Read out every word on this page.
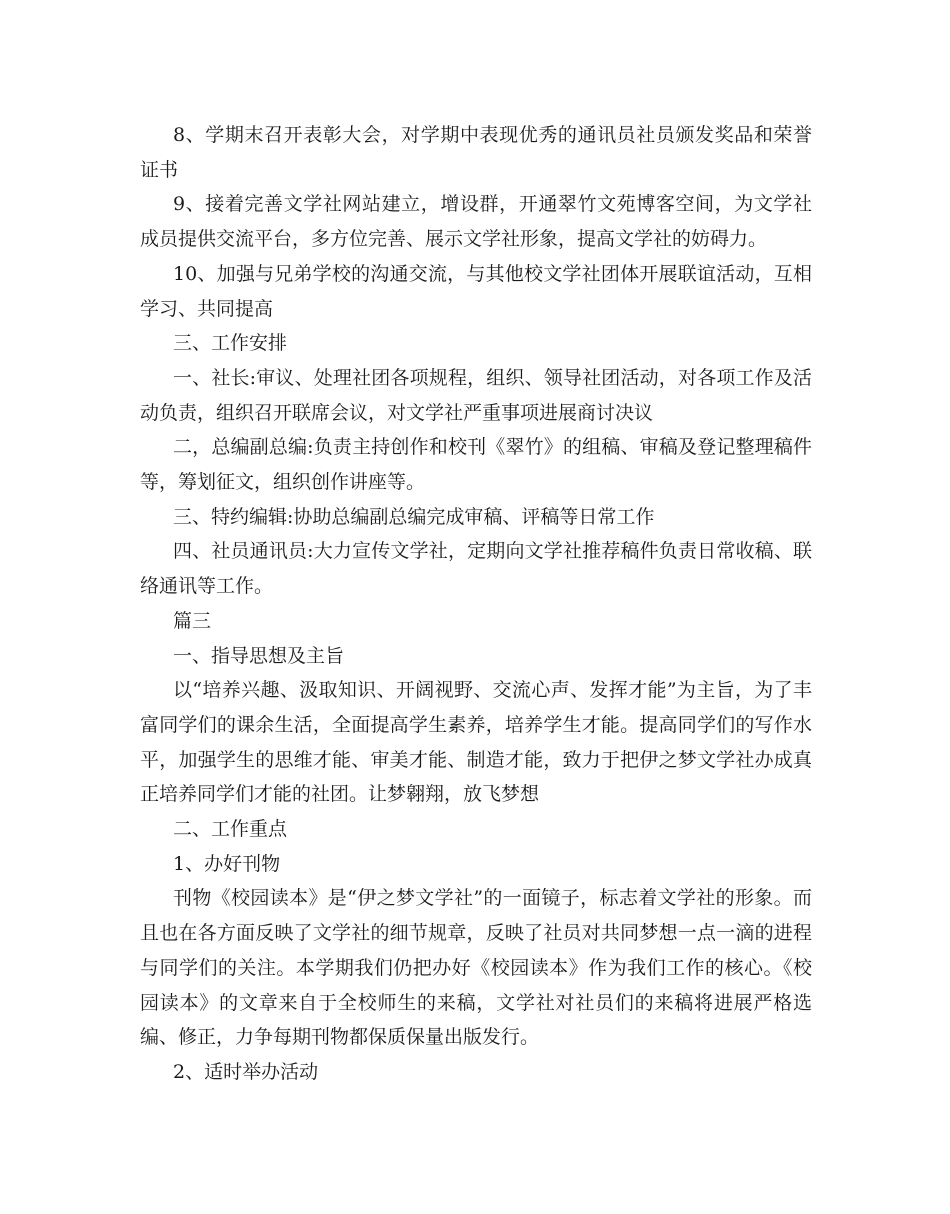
8、学期末召开表彰大会，对学期中表现优秀的通讯员社员颁发奖品和荣誉证书

9、接着完善文学社网站建立，增设群，开通翠竹文苑博客空间，为文学社成员提供交流平台，多方位完善、展示文学社形象，提高文学社的妨碍力。

10、加强与兄弟学校的沟通交流，与其他校文学社团体开展联谊活动，互相学习、共同提高

三、工作安排

一、社长:审议、处理社团各项规程，组织、领导社团活动，对各项工作及活动负责，组织召开联席会议，对文学社严重事项进展商讨决议

二，总编副总编:负责主持创作和校刊《翠竹》的组稿、审稿及登记整理稿件等，筹划征文，组织创作讲座等。

三、特约编辑:协助总编副总编完成审稿、评稿等日常工作

四、社员通讯员:大力宣传文学社，定期向文学社推荐稿件负责日常收稿、联络通讯等工作。

篇三

一、指导思想及主旨

以“培养兴趣、汲取知识、开阔视野、交流心声、发挥才能”为主旨，为了丰富同学们的课余生活，全面提高学生素养，培养学生才能。提高同学们的写作水平，加强学生的思维才能、审美才能、制造才能，致力于把伊之梦文学社办成真正培养同学们才能的社团。让梦翱翔，放飞梦想

二、工作重点

1、办好刊物

刊物《校园读本》是“伊之梦文学社”的一面镜子，标志着文学社的形象。而且也在各方面反映了文学社的细节规章，反映了社员对共同梦想一点一滴的进程与同学们的关注。本学期我们仍把办好《校园读本》作为我们工作的核心。《校园读本》的文章来自于全校师生的来稿，文学社对社员们的来稿将进展严格选编、修正，力争每期刊物都保质保量出版发行。

2、适时举办活动
